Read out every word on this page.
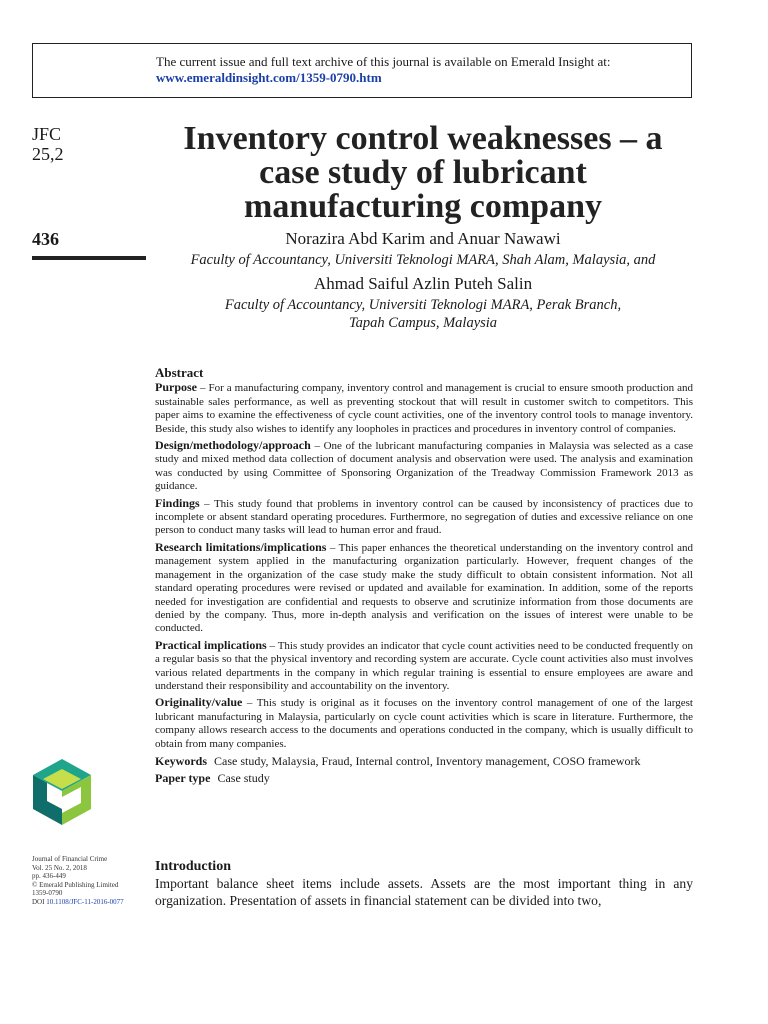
The current issue and full text archive of this journal is available on Emerald Insight at:
www.emeraldinsight.com/1359-0790.htm
JFC
25,2
436
Inventory control weaknesses – a case study of lubricant manufacturing company
Norazira Abd Karim and Anuar Nawawi
Faculty of Accountancy, Universiti Teknologi MARA, Shah Alam, Malaysia, and
Ahmad Saiful Azlin Puteh Salin
Faculty of Accountancy, Universiti Teknologi MARA, Perak Branch,
Tapah Campus, Malaysia
Abstract

Purpose – For a manufacturing company, inventory control and management is crucial to ensure smooth production and sustainable sales performance, as well as preventing stockout that will result in customer switch to competitors. This paper aims to examine the effectiveness of cycle count activities, one of the inventory control tools to manage inventory. Beside, this study also wishes to identify any loopholes in practices and procedures in inventory control of companies.

Design/methodology/approach – One of the lubricant manufacturing companies in Malaysia was selected as a case study and mixed method data collection of document analysis and observation were used. The analysis and examination was conducted by using Committee of Sponsoring Organization of the Treadway Commission Framework 2013 as guidance.

Findings – This study found that problems in inventory control can be caused by inconsistency of practices due to incomplete or absent standard operating procedures. Furthermore, no segregation of duties and excessive reliance on one person to conduct many tasks will lead to human error and fraud.

Research limitations/implications – This paper enhances the theoretical understanding on the inventory control and management system applied in the manufacturing organization particularly. However, frequent changes of the management in the organization of the case study make the study difficult to obtain consistent information. Not all standard operating procedures were revised or updated and available for examination. In addition, some of the reports needed for investigation are confidential and requests to observe and scrutinize information from those documents are denied by the company. Thus, more in-depth analysis and verification on the issues of interest were unable to be conducted.

Practical implications – This study provides an indicator that cycle count activities need to be conducted frequently on a regular basis so that the physical inventory and recording system are accurate. Cycle count activities also must involves various related departments in the company in which regular training is essential to ensure employees are aware and understand their responsibility and accountability on the inventory.

Originality/value – This study is original as it focuses on the inventory control management of one of the largest lubricant manufacturing in Malaysia, particularly on cycle count activities which is scare in literature. Furthermore, the company allows research access to the documents and operations conducted in the company, which is usually difficult to obtain from many companies.

Keywords Case study, Malaysia, Fraud, Internal control, Inventory management, COSO framework

Paper type Case study

Journal of Financial Crime
Vol. 25 No. 2, 2018
pp. 436-449
© Emerald Publishing Limited
1359-0790
DOI 10.1108/JFC-11-2016-0077
Introduction

Important balance sheet items include assets. Assets are the most important thing in any organization. Presentation of assets in financial statement can be divided into two,
